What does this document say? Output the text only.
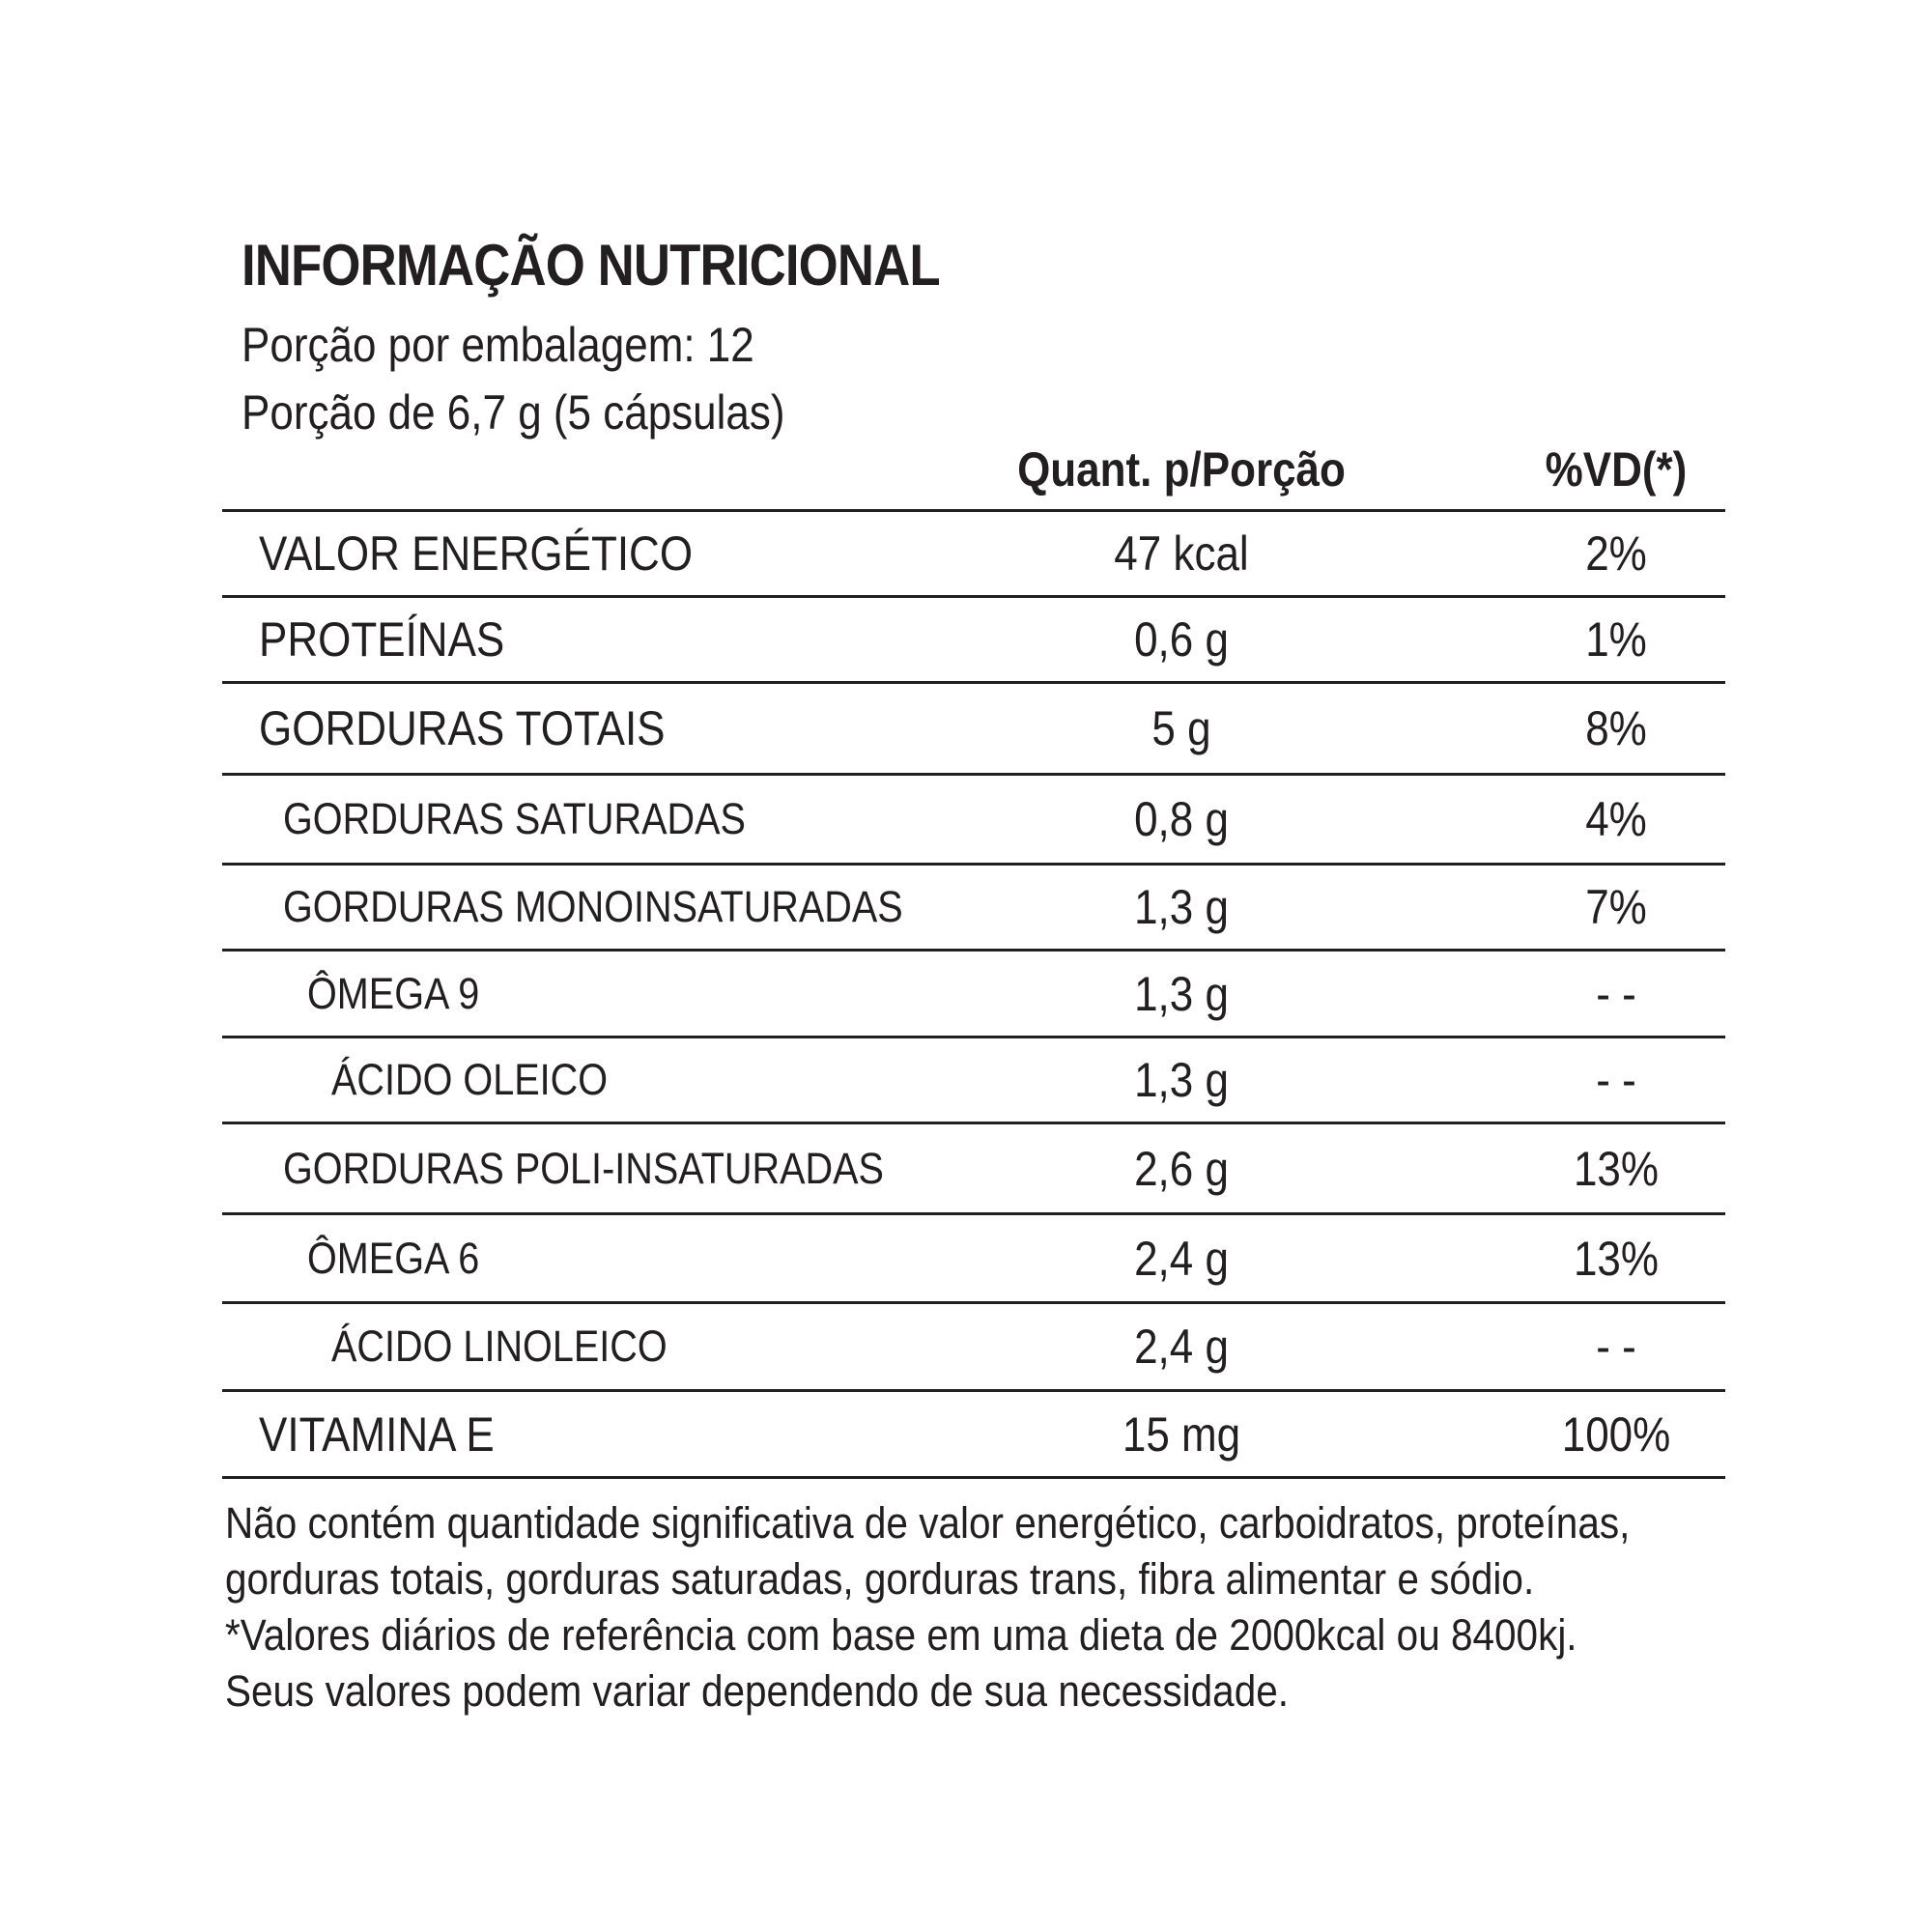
INFORMAÇÃO NUTRICIONAL
Porção por embalagem: 12
Porção de 6,7 g (5 cápsulas)
Quant. p/Porção	%VD(*)
VALOR ENERGÉTICO	47 kcal	2%
PROTEÍNAS	0,6 g	1%
GORDURAS TOTAIS	5 g	8%
GORDURAS SATURADAS	0,8 g	4%
GORDURAS MONOINSATURADAS	1,3 g	7%
ÔMEGA 9	1,3 g	- -
ÁCIDO OLEICO	1,3 g	- -
GORDURAS POLI-INSATURADAS	2,6 g	13%
ÔMEGA 6	2,4 g	13%
ÁCIDO LINOLEICO	2,4 g	- -
VITAMINA E	15 mg	100%
Não contém quantidade significativa de valor energético, carboidratos, proteínas,
gorduras totais, gorduras saturadas, gorduras trans, fibra alimentar e sódio.
*Valores diários de referência com base em uma dieta de 2000kcal ou 8400kj.
Seus valores podem variar dependendo de sua necessidade.
